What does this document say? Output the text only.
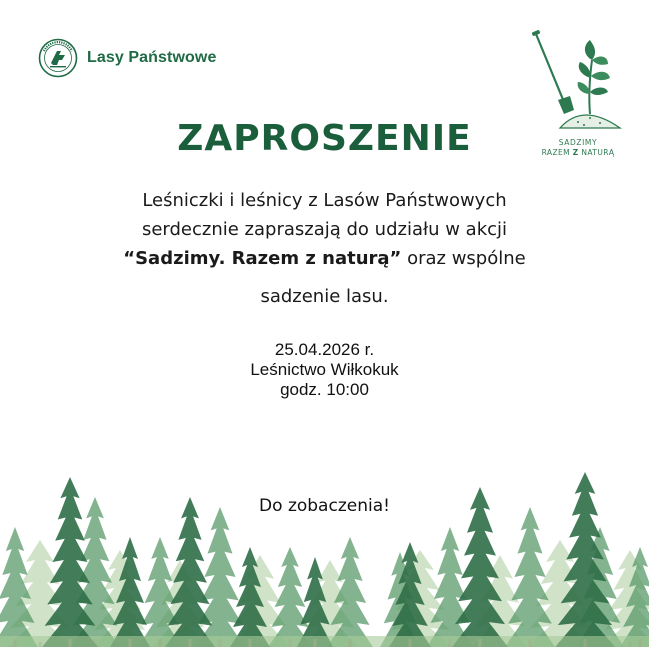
Lasy Państwowe
SADZIMY
RAZEM Z NATURĄ
ZAPROSZENIE
Leśniczki i leśnicy z Lasów Państwowych
serdecznie zapraszają do udziału w akcji
“Sadzimy. Razem z naturą” oraz wspólne
sadzenie lasu.
25.04.2026 r.
Leśnictwo Wiłkokuk
godz. 10:00
Do zobaczenia!
